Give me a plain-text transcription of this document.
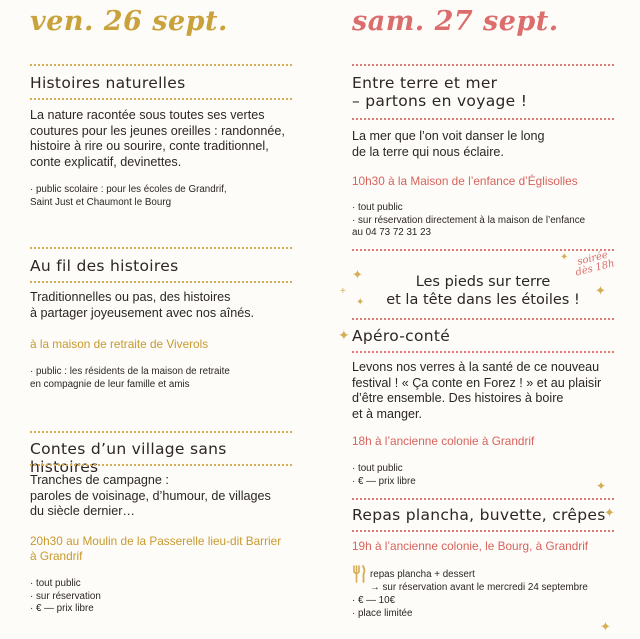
ven. 26 sept.
Histoires naturelles
La nature racontée sous toutes ses vertes
coutures pour les jeunes oreilles : randonnée,
histoire à rire ou sourire, conte traditionnel,
conte explicatif, devinettes.
· public scolaire : pour les écoles de Grandrif,
Saint Just et Chaumont le Bourg
Au fil des histoires
Traditionnelles ou pas, des histoires
à partager joyeusement avec nos aînés.
à la maison de retraite de Viverols
· public : les résidents de la maison de retraite
en compagnie de leur famille et amis
Contes d’un village sans histoires
Tranches de campagne :
paroles de voisinage, d’humour, de villages
du siècle dernier…
20h30 au Moulin de la Passerelle lieu-dit Barrier
à Grandrif
· tout public
· sur réservation
· € — prix libre
sam. 27 sept.
Entre terre et mer
– partons en voyage !
La mer que l’on voit danser le long
de la terre qui nous éclaire.
10h30 à la Maison de l’enfance d’Églisolles
· tout public
· sur réservation directement à la maison de l’enfance
au 04 73 72 31 23
Apéro-conté
Levons nos verres à la santé de ce nouveau
festival ! « Ça conte en Forez ! » et au plaisir
d’être ensemble. Des histoires à boire
et à manger.
18h à l’ancienne colonie à Grandrif
· tout public
· € — prix libre
Repas plancha, buvette, crêpes
19h à l’ancienne colonie, le Bourg, à Grandrif
repas plancha + dessert
→ sur réservation avant le mercredi 24 septembre
· € — 10€
· place limitée
Les pieds sur terre
et la tête dans les étoiles !
soirée
dès 18h
✦
+
✦
✦
✦
✦
✦
✦
✦
